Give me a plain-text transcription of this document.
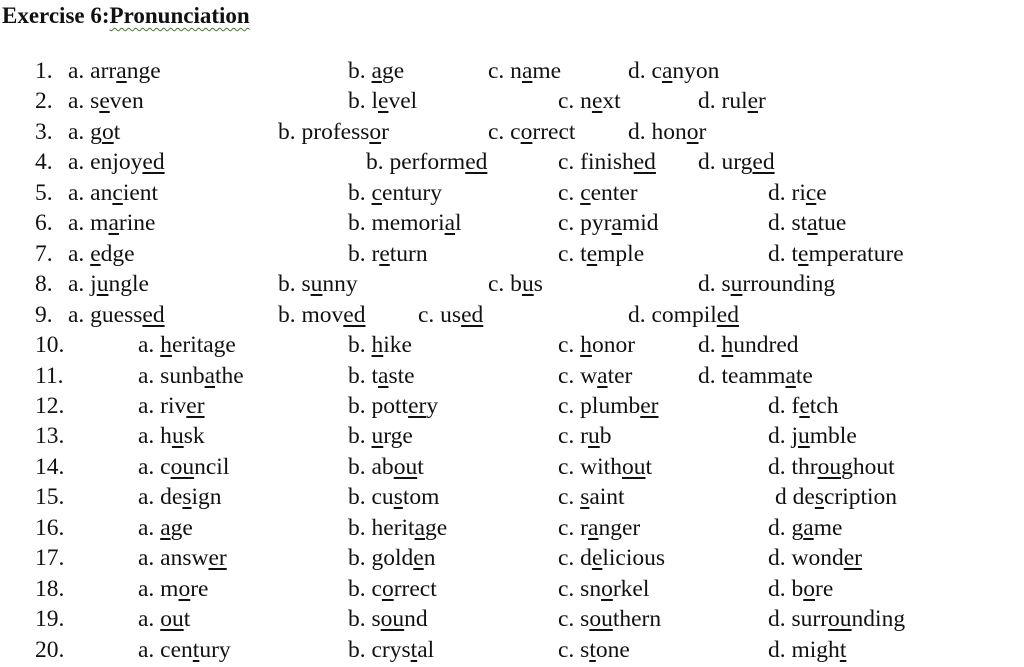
Exercise 6:Pronunciation
1. a. arrange	b. age	c. name	d. canyon
2. a. seven	b. level	c. next	d. ruler
3. a. got	b. professor	c. correct d. honor
4. a. enjoyed	b. performed	c. finished d. urged
5. a. ancient	b. century	c. center	d. rice
6. a. marine	b. memorial	c. pyramid	d. statue
7. a. edge	b. return	c. temple	d. temperature
8. a. jungle	b. sunny	c. bus	d. surrounding
9. a. guessed	b. moved c. used	d. compiled
10.	a. heritage	b. hike	c. honor	d. hundred
11.	a. sunbathe	b. taste	c. water	d. teammate
12.	a. river	b. pottery	c. plumber	d. fetch
13.	a. husk	b. urge	c. rub	d. jumble
14.	a. council	b. about	c. without	d. throughout
15.	a. design	b. custom	c. saint	d description
16.	a. age	b. heritage	c. ranger	d. game
17.	a. answer	b. golden	c. delicious	d. wonder
18.	a. more	b. correct	c. snorkel	d. bore
19.	a. out	b. sound	c. southern	d. surrounding
20.	a. century	b. crystal	c. stone	d. might
